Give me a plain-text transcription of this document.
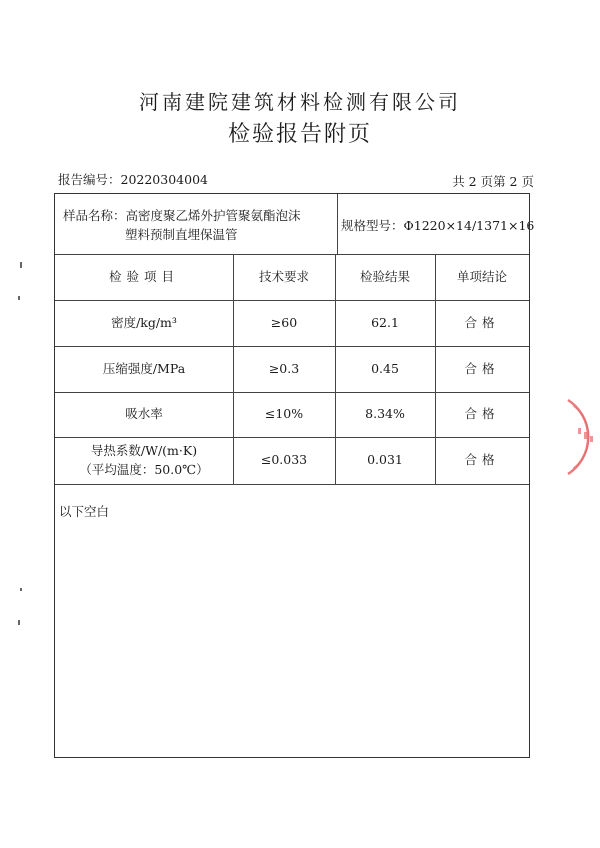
河南建院建筑材料检测有限公司
检验报告附页
报告编号：20220304004	共 2 页第 2 页
样品名称：高密度聚乙烯外护管聚氨酯泡沫
塑料预制直埋保温管
规格型号：Φ1220×14/1371×16
检验项目	技术要求	检验结果	单项结论
密度/kg/m³	≥60	62.1	合格
压缩强度/MPa	≥0.3	0.45	合格
吸水率	≤10%	8.34%	合格
导热系数/W/(m·K)
（平均温度：50.0℃）
≤0.033	0.031	合格
以下空白
